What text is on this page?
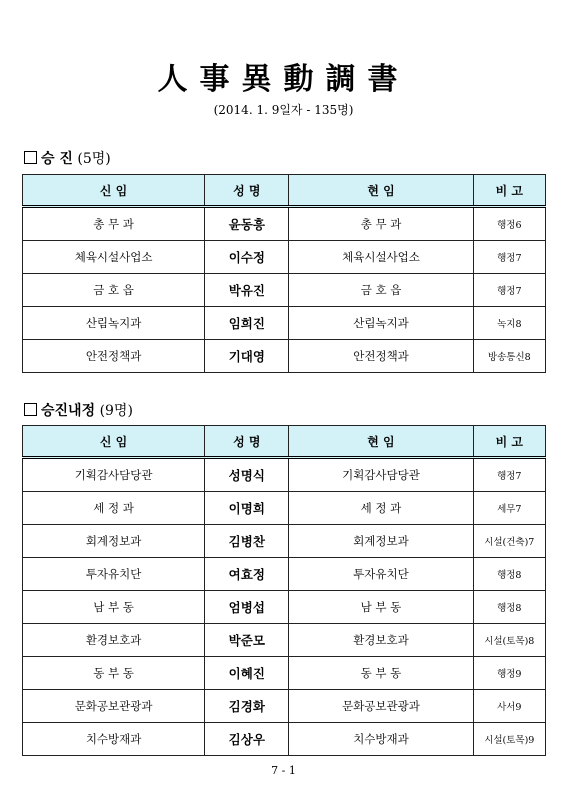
人事異動調書
(2014. 1. 9일자 - 135명)
승 진 (5명)
신 임	성 명	현 임	비 고
총 무 과	윤동흥	총 무 과	행정6
체육시설사업소	이수정	체육시설사업소	행정7
금 호 읍	박유진	금 호 읍	행정7
산림녹지과	임희진	산림녹지과	녹지8
안전정책과	기대영	안전정책과	방송통신8
승진내정 (9명)
신 임	성 명	현 임	비 고
기획감사담당관	성명식	기획감사담당관	행정7
세 정 과	이명희	세 정 과	세무7
회계정보과	김병찬	회계정보과	시설(건축)7
투자유치단	여효정	투자유치단	행정8
남 부 동	엄병섭	남 부 동	행정8
환경보호과	박준모	환경보호과	시설(토목)8
동 부 동	이혜진	동 부 동	행정9
문화공보관광과	김경화	문화공보관광과	사서9
치수방재과	김상우	치수방재과	시설(토목)9
7 - 1
